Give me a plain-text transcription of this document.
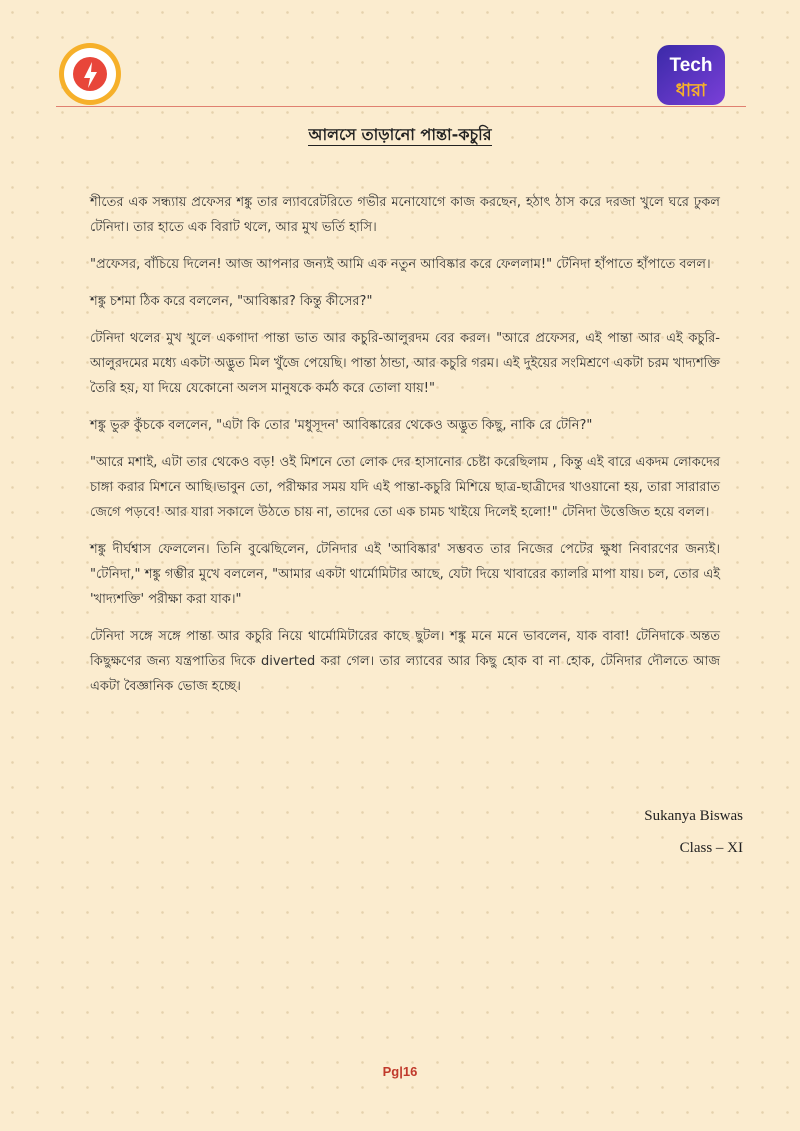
Tech
ধারা
আলসে তাড়ানো পান্তা-কচুরি

শীতের এক সন্ধ্যায় প্রফেসর শঙ্কু তার ল্যাবরেটরিতে গভীর মনোযোগে কাজ করছেন, হঠাৎ ঠাস করে দরজা খুলে ঘরে ঢুকল টেনিদা। তার হাতে এক বিরাট থলে, আর মুখ ভর্তি হাসি।

"প্রফেসর, বাঁচিয়ে দিলেন! আজ আপনার জন্যই আমি এক নতুন আবিষ্কার করে ফেললাম!" টেনিদা হাঁপাতে হাঁপাতে বলল।

শঙ্কু চশমা ঠিক করে বললেন, "আবিষ্কার? কিন্তু কীসের?"

টেনিদা থলের মুখ খুলে একগাদা পান্তা ভাত আর কচুরি-আলুরদম বের করল। "আরে প্রফেসর, এই পান্তা আর এই কচুরি-আলুরদমের মধ্যে একটা অদ্ভুত মিল খুঁজে পেয়েছি। পান্তা ঠান্ডা, আর কচুরি গরম। এই দুইয়ের সংমিশ্রণে একটা চরম খাদ্যশক্তি তৈরি হয়, যা দিয়ে যেকোনো অলস মানুষকে কর্মঠ করে তোলা যায়!"

শঙ্কু ভুরু কুঁচকে বললেন, "এটা কি তোর 'মধুসূদন' আবিষ্কারের থেকেও অদ্ভুত কিছু, নাকি রে টেনি?"

"আরে মশাই, এটা তার থেকেও বড়! ওই মিশনে তো লোক দের হাসানোর চেষ্টা করেছিলাম , কিন্তু এই বারে একদম লোকদের চাঙ্গা করার মিশনে আছি।ভাবুন তো, পরীক্ষার সময় যদি এই পান্তা-কচুরি মিশিয়ে ছাত্র-ছাত্রীদের খাওয়ানো হয়, তারা সারারাত জেগে পড়বে! আর যারা সকালে উঠতে চায় না, তাদের তো এক চামচ খাইয়ে দিলেই হলো!" টেনিদা উত্তেজিত হয়ে বলল।

শঙ্কু দীর্ঘশ্বাস ফেললেন। তিনি বুঝেছিলেন, টেনিদার এই 'আবিষ্কার' সম্ভবত তার নিজের পেটের ক্ষুধা নিবারণের জন্যই। "টেনিদা," শঙ্কু গম্ভীর মুখে বললেন, "আমার একটা থার্মোমিটার আছে, যেটা দিয়ে খাবারের ক্যালরি মাপা যায়। চল, তোর এই 'খাদ্যশক্তি' পরীক্ষা করা যাক।"

টেনিদা সঙ্গে সঙ্গে পান্তা আর কচুরি নিয়ে থার্মোমিটারের কাছে ছুটল। শঙ্কু মনে মনে ভাবলেন, যাক বাবা! টেনিদাকে অন্তত কিছুক্ষণের জন্য যন্ত্রপাতির দিকে diverted করা গেল। তার ল্যাবের আর কিছু হোক বা না হোক, টেনিদার দৌলতে আজ একটা বৈজ্ঞানিক ভোজ হচ্ছে।

Sukanya Biswas
Class – XI
Pg|16
